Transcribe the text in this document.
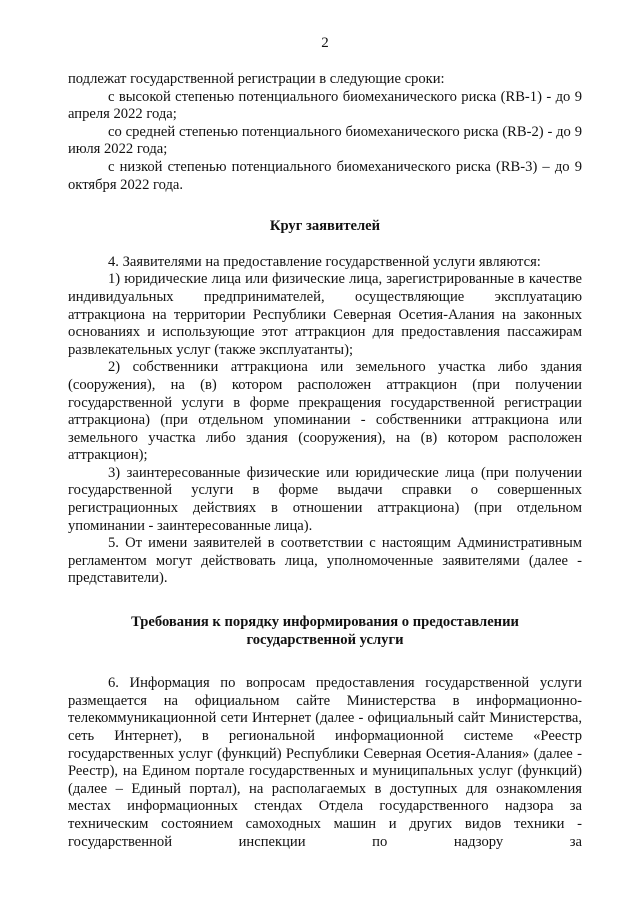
2

подлежат государственной регистрации в следующие сроки:

с высокой степенью потенциального биомеханического риска (RB-1) - до 9 апреля 2022 года;

со средней степенью потенциального биомеханического риска (RB-2) - до 9 июля 2022 года;

с низкой степенью потенциального биомеханического риска (RB-3) – до 9 октября 2022 года.

Круг заявителей

4. Заявителями на предоставление государственной услуги являются:

1) юридические лица или физические лица, зарегистрированные в качестве индивидуальных предпринимателей, осуществляющие эксплуатацию аттракциона на территории Республики Северная Осетия-Алания на законных основаниях и использующие этот аттракцион для предоставления пассажирам развлекательных услуг (также эксплуатанты);

2) собственники аттракциона или земельного участка либо здания (сооружения), на (в) котором расположен аттракцион (при получении государственной услуги в форме прекращения государственной регистрации аттракциона) (при отдельном упоминании - собственники аттракциона или земельного участка либо здания (сооружения), на (в) котором расположен аттракцион);

3) заинтересованные физические или юридические лица (при получении государственной услуги в форме выдачи справки о совершенных регистрационных действиях в отношении аттракциона) (при отдельном упоминании - заинтересованные лица).

5. От имени заявителей в соответствии с настоящим Административным регламентом могут действовать лица, уполномоченные заявителями (далее - представители).

Требования к порядку информирования о предоставлении
государственной услуги

6. Информация по вопросам предоставления государственной услуги размещается на официальном сайте Министерства в информационно-телекоммуникационной сети Интернет (далее - официальный сайт Министерства, сеть Интернет), в региональной информационной системе «Реестр государственных услуг (функций) Республики Северная Осетия-Алания» (далее - Реестр), на Едином портале государственных и муниципальных услуг (функций) (далее – Единый портал), на располагаемых в доступных для ознакомления местах информационных стендах Отдела государственного надзора за техническим состоянием самоходных машин и других видов техники - государственной инспекции по надзору за
